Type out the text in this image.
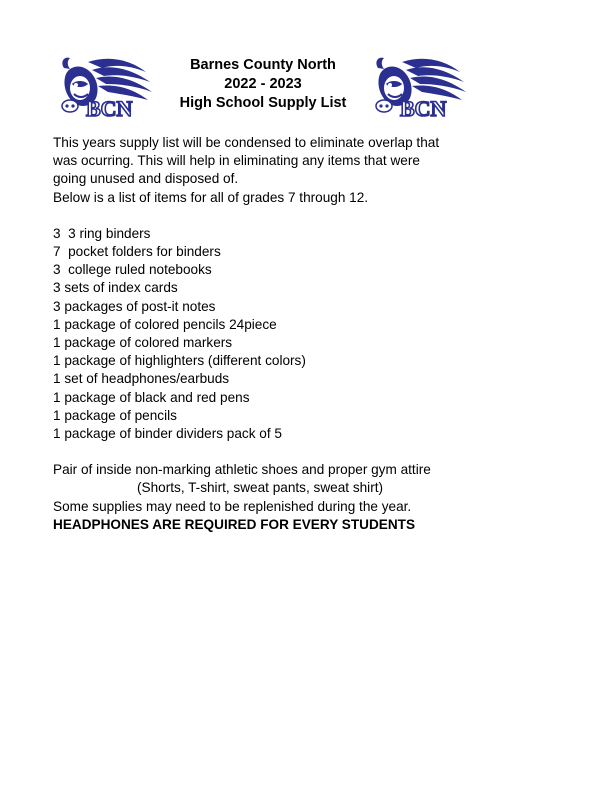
BCN
Barnes County North
2022 - 2023
High School Supply List	BCN

This years supply list will be condensed to eliminate overlap that

was ocurring. This will help in eliminating any items that were

going unused and disposed of.

Below is a list of items for all of grades 7 through 12.

3  3 ring binders
7  pocket folders for binders
3  college ruled notebooks
3 sets of index cards
3 packages of post-it notes
1 package of colored pencils 24piece
1 package of colored markers
1 package of highlighters (different colors)
1 set of headphones/earbuds
1 package of black and red pens
1 package of pencils
1 package of binder dividers pack of 5

Pair of inside non-marking athletic shoes and proper gym attire

(Shorts, T-shirt, sweat pants, sweat shirt)

Some supplies may need to be replenished during the year.

HEADPHONES ARE REQUIRED FOR EVERY STUDENTS
